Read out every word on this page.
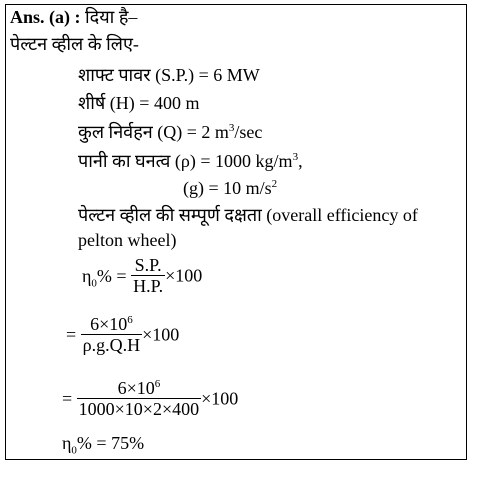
Ans. (a) : दिया है–
पेल्टन व्हील के लिए-
शाफ्ट पावर (S.P.) = 6 MW
शीर्ष (H) = 400 m
कुल निर्वहन (Q) = 2 $m^3/\sec$
पानी का घनत्व (ρ) = 1000 $kg/m^3$,
(g) = 10 $m/s^2$
पेल्टन व्हील की सम्पूर्ण दक्षता (overall efficiency of
pelton wheel)
$\eta_0\% = \frac{S.P.}{H.P.} \times 100$
= $\frac{6\times 10^6}{\rho.g.Q.H} \times 100$
= $\frac{6\times 10^6}{1000\times 10\times 2\times 400} \times 100$
$\eta_0\% = 75\%$
